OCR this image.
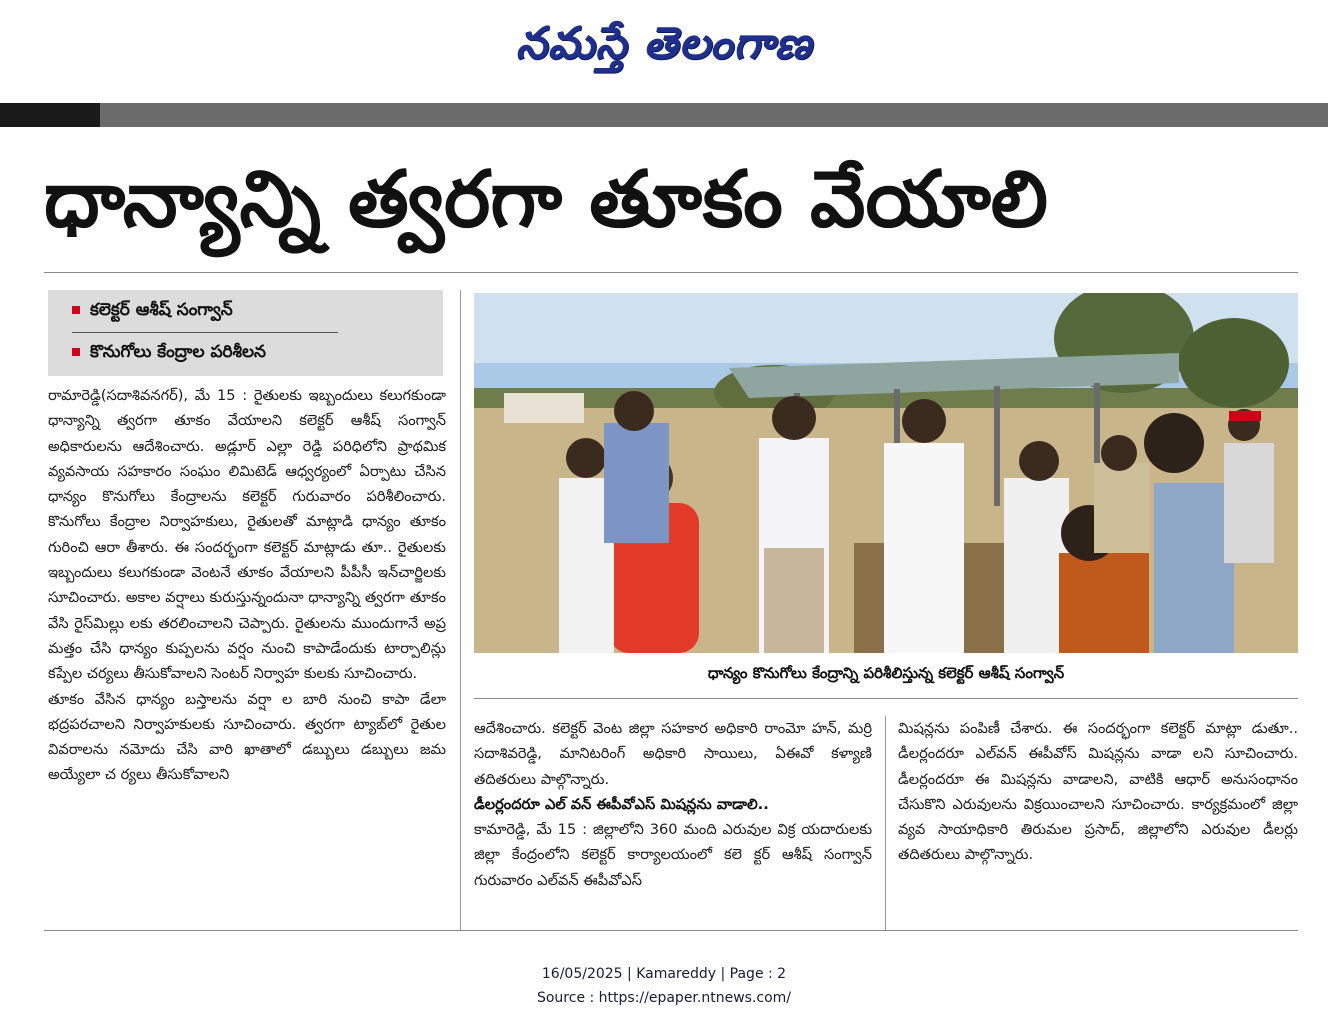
నమస్తే తెలంగాణ
ధాన్యాన్ని త్వరగా తూకం వేయాలి
కలెక్టర్ ఆశీష్ సంగ్వాన్
కొనుగోలు కేంద్రాల పరిశీలన
ధాన్యం కొనుగోలు కేంద్రాన్ని పరిశీలిస్తున్న కలెక్టర్ ఆశీష్ సంగ్వాన్

రామారెడ్డి(సదాశివనగర్), మే 15 : రైతులకు ఇబ్బందులు కలుగకుండా ధాన్యాన్ని త్వరగా తూకం వేయాలని కలెక్టర్ ఆశీష్ సంగ్వాన్ అధికారులను ఆదేశించారు. అడ్లూర్ ఎల్లా రెడ్డి పరిధిలోని ప్రాథమిక వ్యవసాయ సహకారం సంఘం లిమిటెడ్ ఆధ్వర్యంలో ఏర్పాటు చేసిన ధాన్యం కొనుగోలు కేంద్రాలను కలెక్టర్ గురువారం పరిశీలించారు. కొనుగోలు కేంద్రాల నిర్వాహకులు, రైతులతో మాట్లాడి ధాన్యం తూకం గురించి ఆరా తీశారు. ఈ సందర్భంగా కలెక్టర్ మాట్లాడు తూ.. రైతులకు ఇబ్బందులు కలుగకుండా వెంటనే తూకం వేయాలని పీపీసీ ఇన్‌చార్జిలకు సూచించారు. అకాల వర్షాలు కురుస్తున్నందునా ధాన్యాన్ని త్వరగా తూకం వేసి రైస్‌మిల్లు లకు తరలించాలని చెప్పారు. రైతులను ముందుగానే అప్ర మత్తం చేసి ధాన్యం కుప్పలను వర్షం నుంచి కాపాడేందుకు టార్పాలిన్లు కప్పేల చర్యలు తీసుకోవాలని సెంటర్ నిర్వాహ కులకు సూచించారు.

తూకం వేసిన ధాన్యం బస్తాలను వర్షా ల బారి నుంచి కాపా డేలా భద్రపరచాలని నిర్వాహకులకు సూచించారు. త్వరగా ట్యాబ్‌లో రైతుల వివరాలను నమోదు చేసి వారి ఖాతాలో డబ్బులు డబ్బులు జమ అయ్యేలా చ ర్యలు తీసుకోవాలని

ఆదేశించారు. కలెక్టర్ వెంట జిల్లా సహకార అధికారి రాంమో హన్, మర్రి సదాశివరెడ్డి, మానిటరింగ్ అధికారి సాయిలు, ఏఈవో కళ్యాణి తదితరులు పాల్గొన్నారు.

డీలర్లందరూ ఎల్ వన్ ఈపీవోఎస్ మిషన్లను వాడాలి..

కామారెడ్డి, మే 15 : జిల్లాలోని 360 మంది ఎరువుల విక్ర యదారులకు జిల్లా కేంద్రంలోని కలెక్టర్ కార్యాలయంలో కలె క్టర్ ఆశీష్ సంగ్వాన్ గురువారం ఎల్‌వన్ ఈపీవోఎస్

మిషన్లను పంపిణీ చేశారు. ఈ సందర్భంగా కలెక్టర్ మాట్లా డుతూ.. డీలర్లందరూ ఎల్‌వన్ ఈపీవోస్ మిషన్లను వాడా లని సూచించారు. డీలర్లందరూ ఈ మిషన్లను వాడాలని, వాటికి ఆధార్ అనుసంధానం చేసుకొని ఎరువులను విక్రయించాలని సూచించారు. కార్యక్రమంలో జిల్లా వ్యవ సాయాధికారి తిరుమల ప్రసాద్, జిల్లాలోని ఎరువుల డీలర్లు తదితరులు పాల్గొన్నారు.

16/05/2025 | Kamareddy | Page : 2
Source : https://epaper.ntnews.com/
